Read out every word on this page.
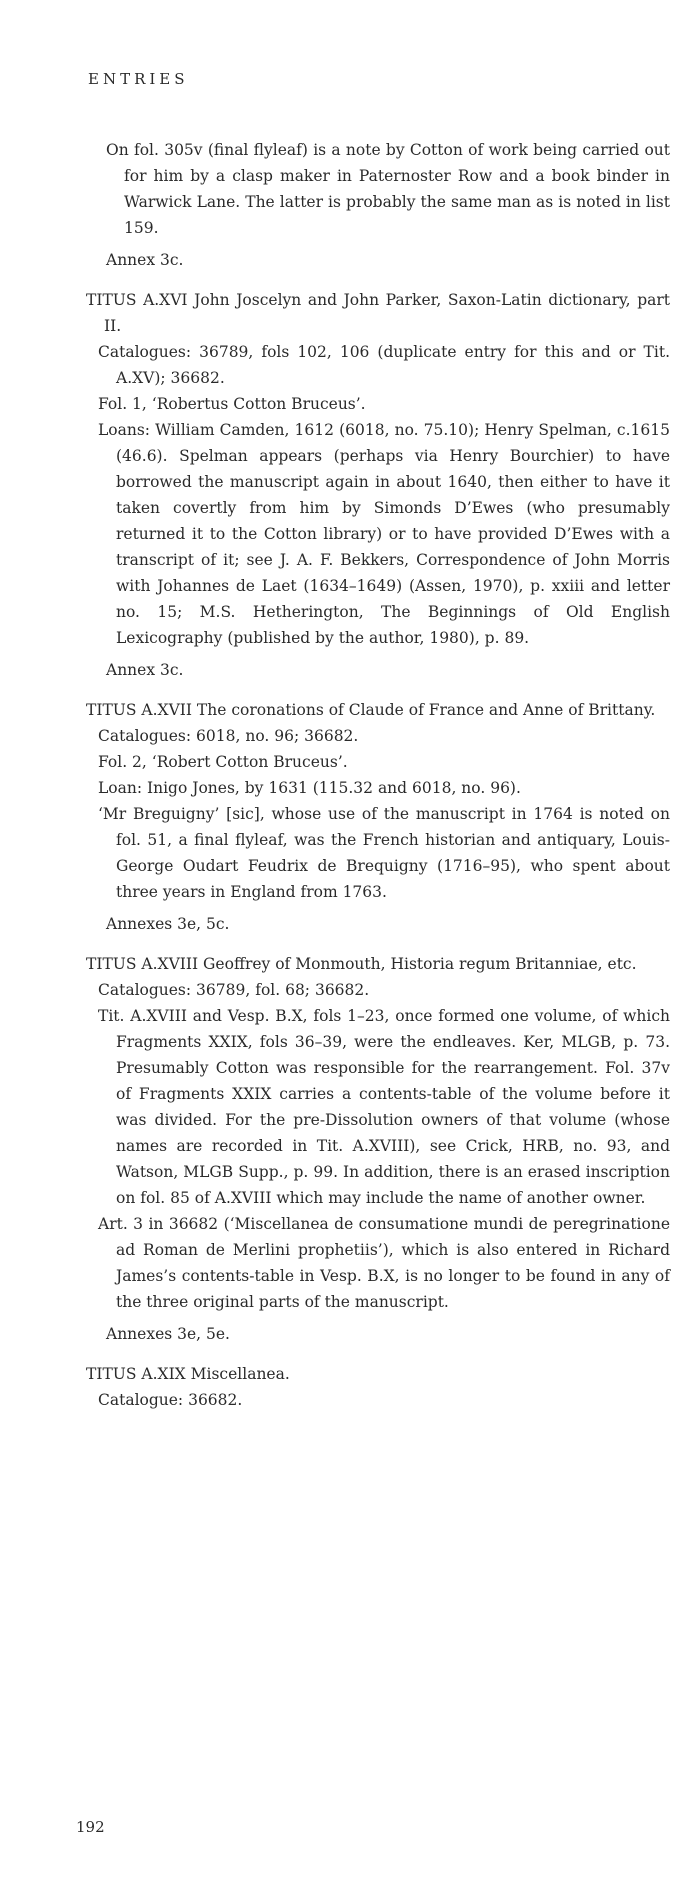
ENTRIES

On fol. 305v (final flyleaf) is a note by Cotton of work being carried out for him by a clasp maker in Paternoster Row and a book binder in Warwick Lane. The latter is probably the same man as is noted in list 159.

Annex 3c.

TITUS A.XVI John Joscelyn and John Parker, Saxon-Latin dictionary, part II.

Catalogues: 36789, fols 102, 106 (duplicate entry for this and or Tit. A.XV); 36682.

Fol. 1, ‘Robertus Cotton Bruceus’.

Loans: William Camden, 1612 (6018, no. 75.10); Henry Spelman, c.1615 (46.6). Spelman appears (perhaps via Henry Bourchier) to have borrowed the manuscript again in about 1640, then either to have it taken covertly from him by Simonds D’Ewes (who presumably returned it to the Cotton library) or to have provided D’Ewes with a transcript of it; see J. A. F. Bekkers, Correspondence of John Morris with Johannes de Laet (1634–1649) (Assen, 1970), p. xxiii and letter no. 15; M.S. Hetherington, The Beginnings of Old English Lexicography (published by the author, 1980), p. 89.

Annex 3c.

TITUS A.XVII The coronations of Claude of France and Anne of Brittany.

Catalogues: 6018, no. 96; 36682.

Fol. 2, ‘Robert Cotton Bruceus’.

Loan: Inigo Jones, by 1631 (115.32 and 6018, no. 96).

‘Mr Breguigny’ [sic], whose use of the manuscript in 1764 is noted on fol. 51, a final flyleaf, was the French historian and antiquary, Louis-George Oudart Feudrix de Brequigny (1716–95), who spent about three years in England from 1763.

Annexes 3e, 5c.

TITUS A.XVIII Geoffrey of Monmouth, Historia regum Britanniae, etc.

Catalogues: 36789, fol. 68; 36682.

Tit. A.XVIII and Vesp. B.X, fols 1–23, once formed one volume, of which Fragments XXIX, fols 36–39, were the endleaves. Ker, MLGB, p. 73. Presumably Cotton was responsible for the rearrangement. Fol. 37v of Fragments XXIX carries a contents-table of the volume before it was divided. For the pre-Dissolution owners of that volume (whose names are recorded in Tit. A.XVIII), see Crick, HRB, no. 93, and Watson, MLGB Supp., p. 99. In addition, there is an erased inscription on fol. 85 of A.XVIII which may include the name of another owner.

Art. 3 in 36682 (‘Miscellanea de consumatione mundi de peregrinatione ad Roman de Merlini prophetiis’), which is also entered in Richard James’s contents-table in Vesp. B.X, is no longer to be found in any of the three original parts of the manuscript.

Annexes 3e, 5e.

TITUS A.XIX Miscellanea.

Catalogue: 36682.

192
